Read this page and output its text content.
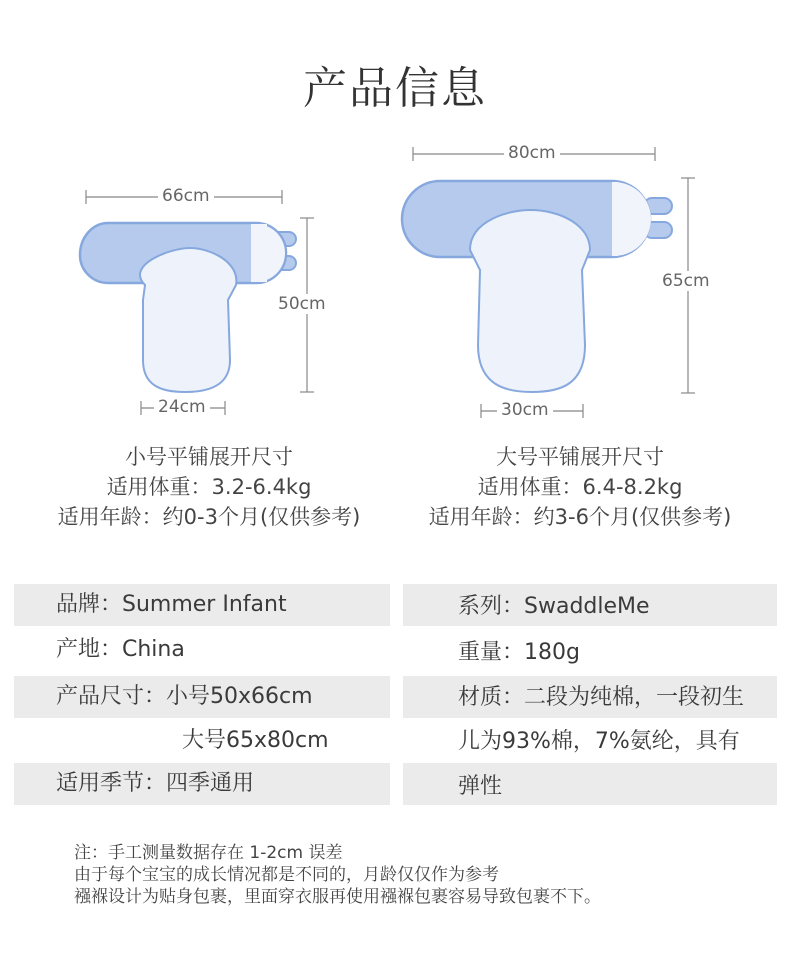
产品信息
66cm
50cm
24cm
80cm
65cm
30cm
小号平铺展开尺寸
适用体重：3.2-6.4kg
适用年龄：约0-3个月(仅供参考)
大号平铺展开尺寸
适用体重：6.4-8.2kg
适用年龄：约3-6个月(仅供参考)
品牌：Summer Infant
产地：China
产品尺寸：小号50x66cm
大号65x80cm
适用季节：四季通用
系列：SwaddleMe
重量：180g
材质：二段为纯棉，一段初生
儿为93%棉，7%氨纶，具有
弹性
注：手工测量数据存在 1-2cm 误差
由于每个宝宝的成长情况都是不同的，月龄仅仅作为参考
襁褓设计为贴身包裹，里面穿衣服再使用襁褓包裹容易导致包裹不下。
